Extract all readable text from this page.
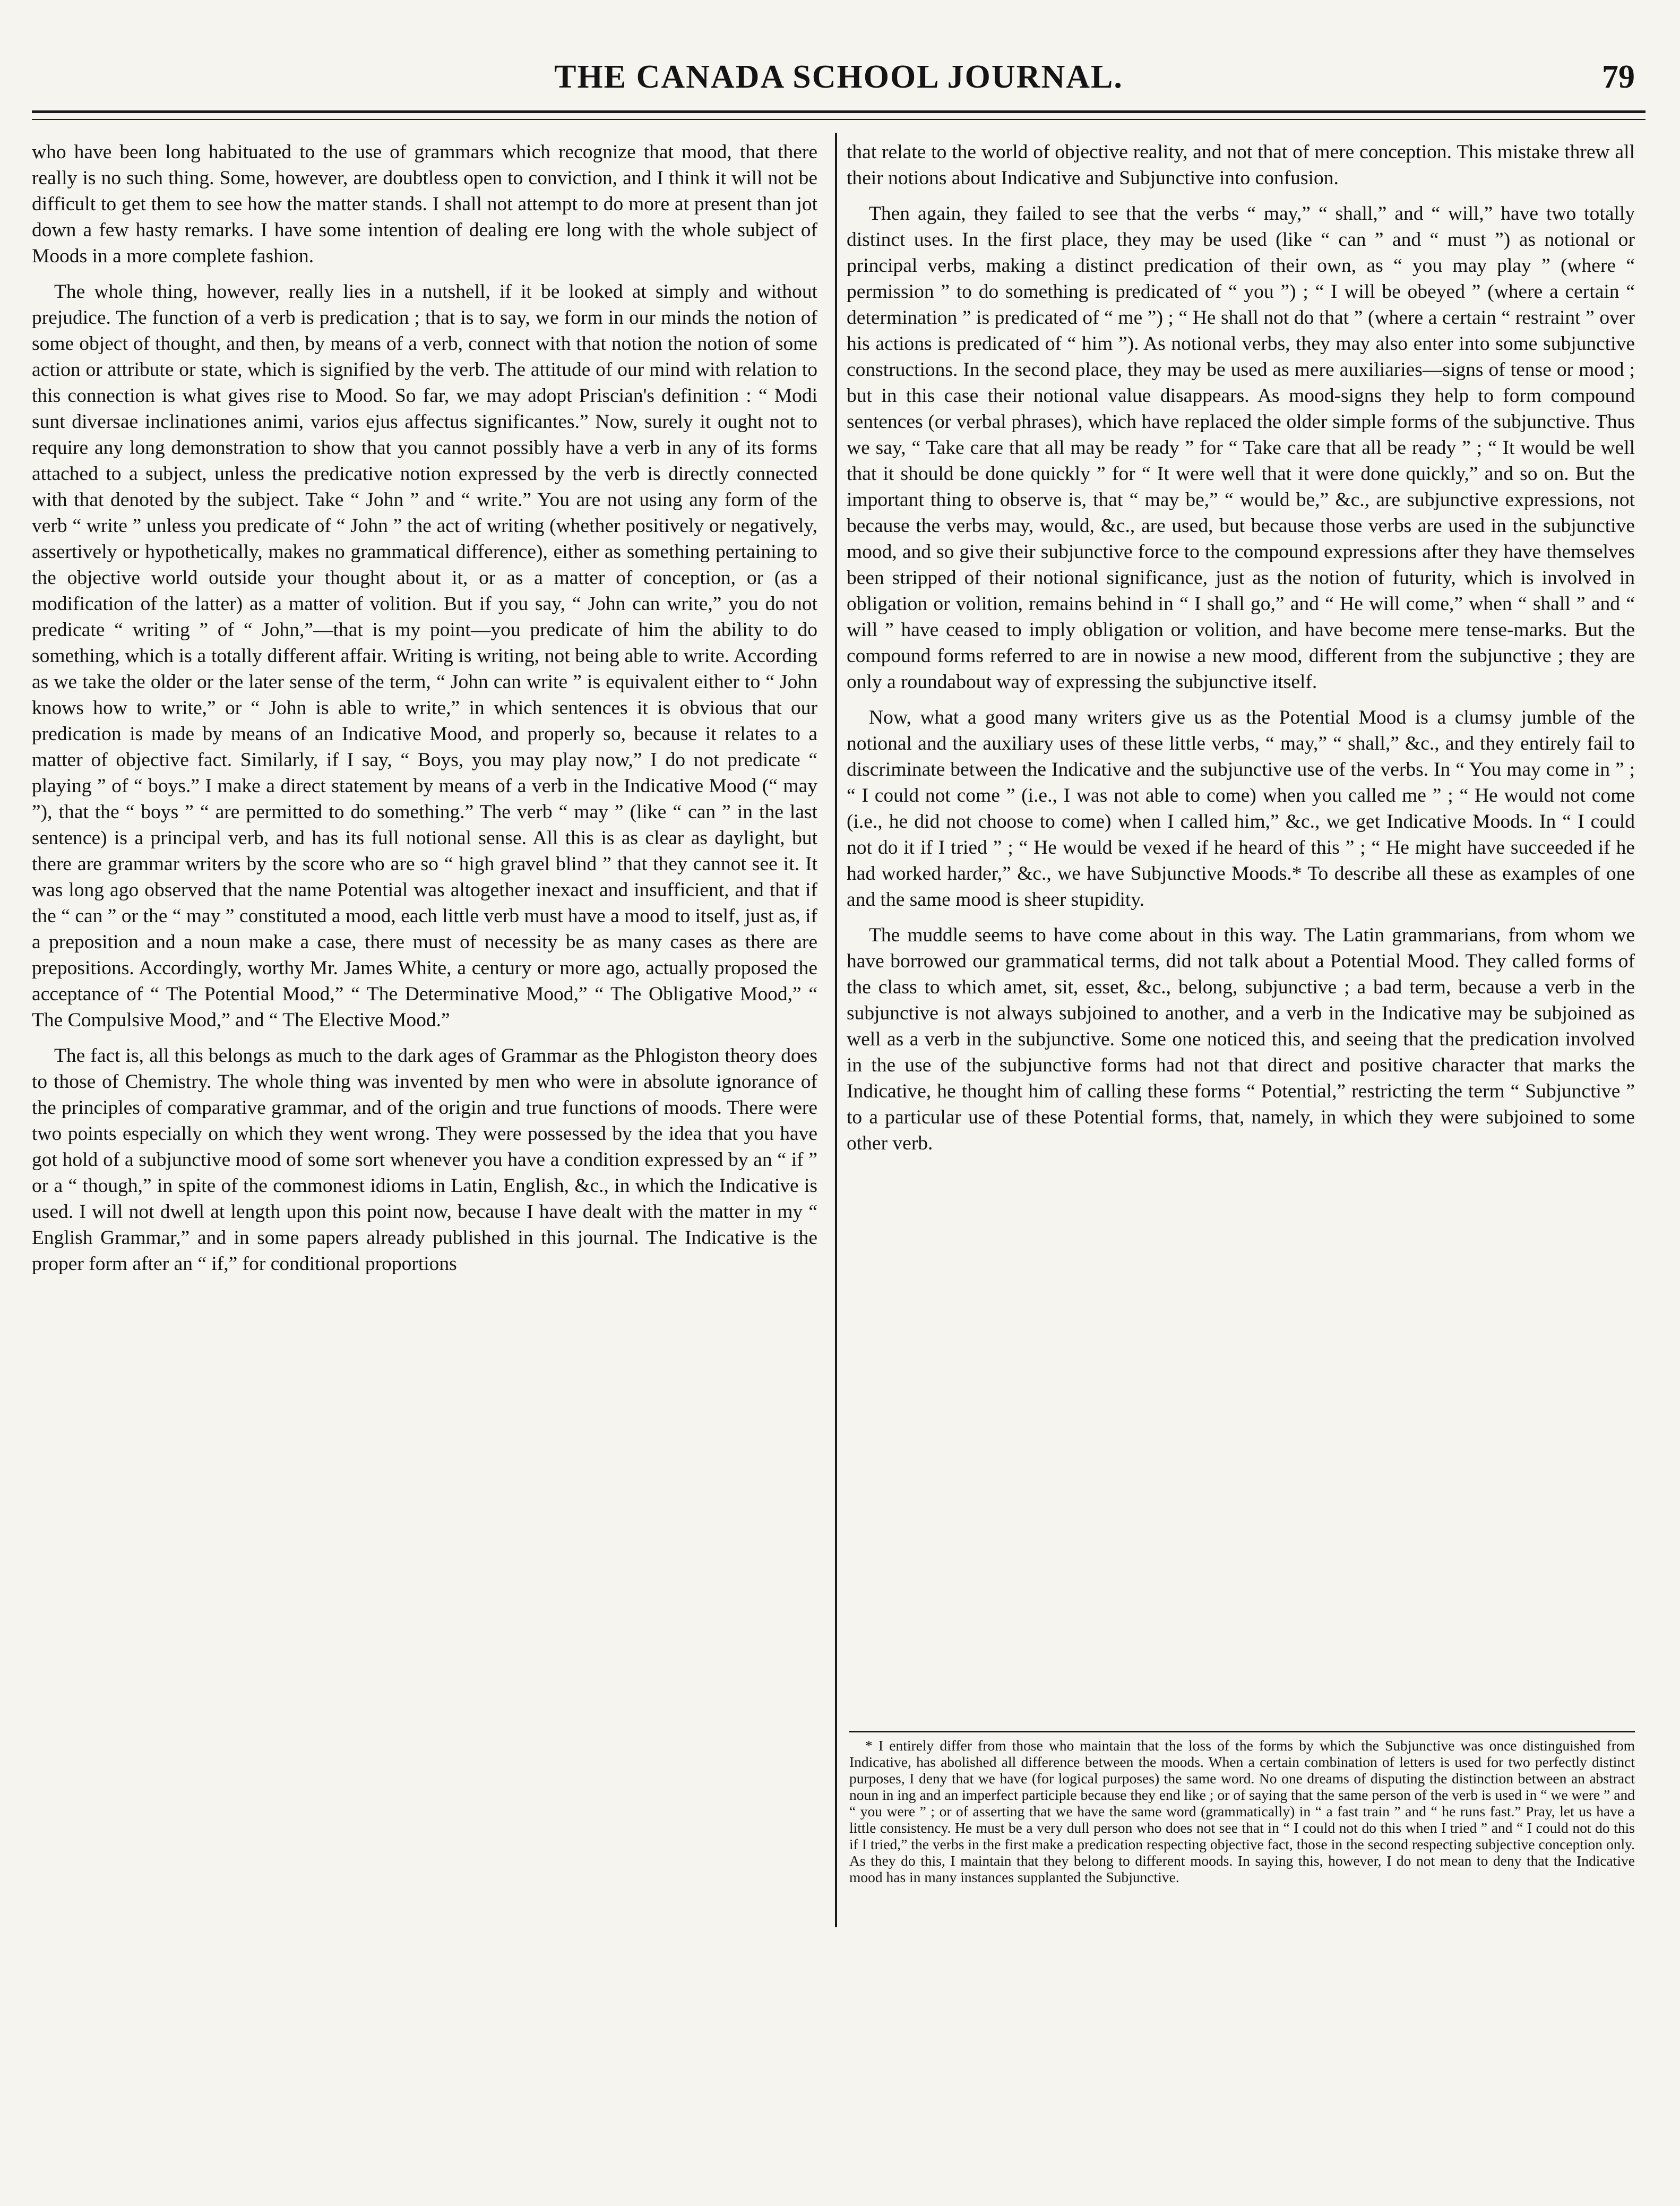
THE CANADA SCHOOL JOURNAL.	79

who have been long habituated to the use of grammars which recognize that mood, that there really is no such thing. Some, however, are doubtless open to conviction, and I think it will not be difficult to get them to see how the matter stands. I shall not attempt to do more at present than jot down a few hasty remarks. I have some intention of dealing ere long with the whole subject of Moods in a more complete fashion.

The whole thing, however, really lies in a nutshell, if it be looked at simply and without prejudice. The function of a verb is predication ; that is to say, we form in our minds the notion of some object of thought, and then, by means of a verb, connect with that notion the notion of some action or attribute or state, which is signified by the verb. The attitude of our mind with relation to this connection is what gives rise to Mood. So far, we may adopt Priscian's definition : “ Modi sunt diversae inclinationes animi, varios ejus affectus significantes.” Now, surely it ought not to require any long demonstration to show that you cannot possibly have a verb in any of its forms attached to a subject, unless the predicative notion expressed by the verb is directly connected with that denoted by the subject. Take “ John ” and “ write.” You are not using any form of the verb “ write ” unless you predicate of “ John ” the act of writing (whether positively or negatively, assertively or hypothetically, makes no grammatical difference), either as something pertaining to the objective world outside your thought about it, or as a matter of conception, or (as a modification of the latter) as a matter of volition. But if you say, “ John can write,” you do not predicate “ writing ” of “ John,”—that is my point—you predicate of him the ability to do something, which is a totally different affair. Writing is writing, not being able to write. According as we take the older or the later sense of the term, “ John can write ” is equivalent either to “ John knows how to write,” or “ John is able to write,” in which sentences it is obvious that our predication is made by means of an Indicative Mood, and properly so, because it relates to a matter of objective fact. Similarly, if I say, “ Boys, you may play now,” I do not predicate “ playing ” of “ boys.” I make a direct statement by means of a verb in the Indicative Mood (“ may ”), that the “ boys ” “ are permitted to do something.” The verb “ may ” (like “ can ” in the last sentence) is a principal verb, and has its full notional sense. All this is as clear as daylight, but there are grammar writers by the score who are so “ high gravel blind ” that they cannot see it. It was long ago observed that the name Potential was altogether inexact and insufficient, and that if the “ can ” or the “ may ” constituted a mood, each little verb must have a mood to itself, just as, if a preposition and a noun make a case, there must of necessity be as many cases as there are prepositions. Accordingly, worthy Mr. James White, a century or more ago, actually proposed the acceptance of “ The Potential Mood,” “ The Determinative Mood,” “ The Obligative Mood,” “ The Compulsive Mood,” and “ The Elective Mood.”

The fact is, all this belongs as much to the dark ages of Grammar as the Phlogiston theory does to those of Chemistry. The whole thing was invented by men who were in absolute ignorance of the principles of comparative grammar, and of the origin and true functions of moods. There were two points especially on which they went wrong. They were possessed by the idea that you have got hold of a subjunctive mood of some sort whenever you have a condition expressed by an “ if ” or a “ though,” in spite of the commonest idioms in Latin, English, &c., in which the Indicative is used. I will not dwell at length upon this point now, because I have dealt with the matter in my “ English Grammar,” and in some papers already published in this journal. The Indicative is the proper form after an “ if,” for conditional proportions

that relate to the world of objective reality, and not that of mere conception. This mistake threw all their notions about Indicative and Subjunctive into confusion.

Then again, they failed to see that the verbs “ may,” “ shall,” and “ will,” have two totally distinct uses. In the first place, they may be used (like “ can ” and “ must ”) as notional or principal verbs, making a distinct predication of their own, as “ you may play ” (where “ permission ” to do something is predicated of “ you ”) ; “ I will be obeyed ” (where a certain “ determination ” is predicated of “ me ”) ; “ He shall not do that ” (where a certain “ restraint ” over his actions is predicated of “ him ”). As notional verbs, they may also enter into some subjunctive constructions. In the second place, they may be used as mere auxiliaries—signs of tense or mood ; but in this case their notional value disappears. As mood-signs they help to form compound sentences (or verbal phrases), which have replaced the older simple forms of the subjunctive. Thus we say, “ Take care that all may be ready ” for “ Take care that all be ready ” ; “ It would be well that it should be done quickly ” for “ It were well that it were done quickly,” and so on. But the important thing to observe is, that “ may be,” “ would be,” &c., are subjunctive expressions, not because the verbs may, would, &c., are used, but because those verbs are used in the subjunctive mood, and so give their subjunctive force to the compound expressions after they have themselves been stripped of their notional significance, just as the notion of futurity, which is involved in obligation or volition, remains behind in “ I shall go,” and “ He will come,” when “ shall ” and “ will ” have ceased to imply obligation or volition, and have become mere tense-marks. But the compound forms referred to are in nowise a new mood, different from the subjunctive ; they are only a roundabout way of expressing the subjunctive itself.

Now, what a good many writers give us as the Potential Mood is a clumsy jumble of the notional and the auxiliary uses of these little verbs, “ may,” “ shall,” &c., and they entirely fail to discriminate between the Indicative and the subjunctive use of the verbs. In “ You may come in ” ; “ I could not come ” (i.e., I was not able to come) when you called me ” ; “ He would not come (i.e., he did not choose to come) when I called him,” &c., we get Indicative Moods. In “ I could not do it if I tried ” ; “ He would be vexed if he heard of this ” ; “ He might have succeeded if he had worked harder,” &c., we have Subjunctive Moods.* To describe all these as examples of one and the same mood is sheer stupidity.

The muddle seems to have come about in this way. The Latin grammarians, from whom we have borrowed our grammatical terms, did not talk about a Potential Mood. They called forms of the class to which amet, sit, esset, &c., belong, subjunctive ; a bad term, because a verb in the subjunctive is not always subjoined to another, and a verb in the Indicative may be subjoined as well as a verb in the subjunctive. Some one noticed this, and seeing that the predication involved in the use of the subjunctive forms had not that direct and positive character that marks the Indicative, he thought him of calling these forms “ Potential,” restricting the term “ Subjunctive ” to a particular use of these Potential forms, that, namely, in which they were subjoined to some other verb.

* I entirely differ from those who maintain that the loss of the forms by which the Subjunctive was once distinguished from Indicative, has abolished all difference between the moods. When a certain combination of letters is used for two perfectly distinct purposes, I deny that we have (for logical purposes) the same word. No one dreams of disputing the distinction between an abstract noun in ing and an imperfect participle because they end like ; or of saying that the same person of the verb is used in “ we were ” and “ you were ” ; or of asserting that we have the same word (grammatically) in “ a fast train ” and “ he runs fast.” Pray, let us have a little consistency. He must be a very dull person who does not see that in “ I could not do this when I tried ” and “ I could not do this if I tried,” the verbs in the first make a predication respecting objective fact, those in the second respecting subjective conception only. As they do this, I maintain that they belong to different moods. In saying this, however, I do not mean to deny that the Indicative mood has in many instances supplanted the Subjunctive.
